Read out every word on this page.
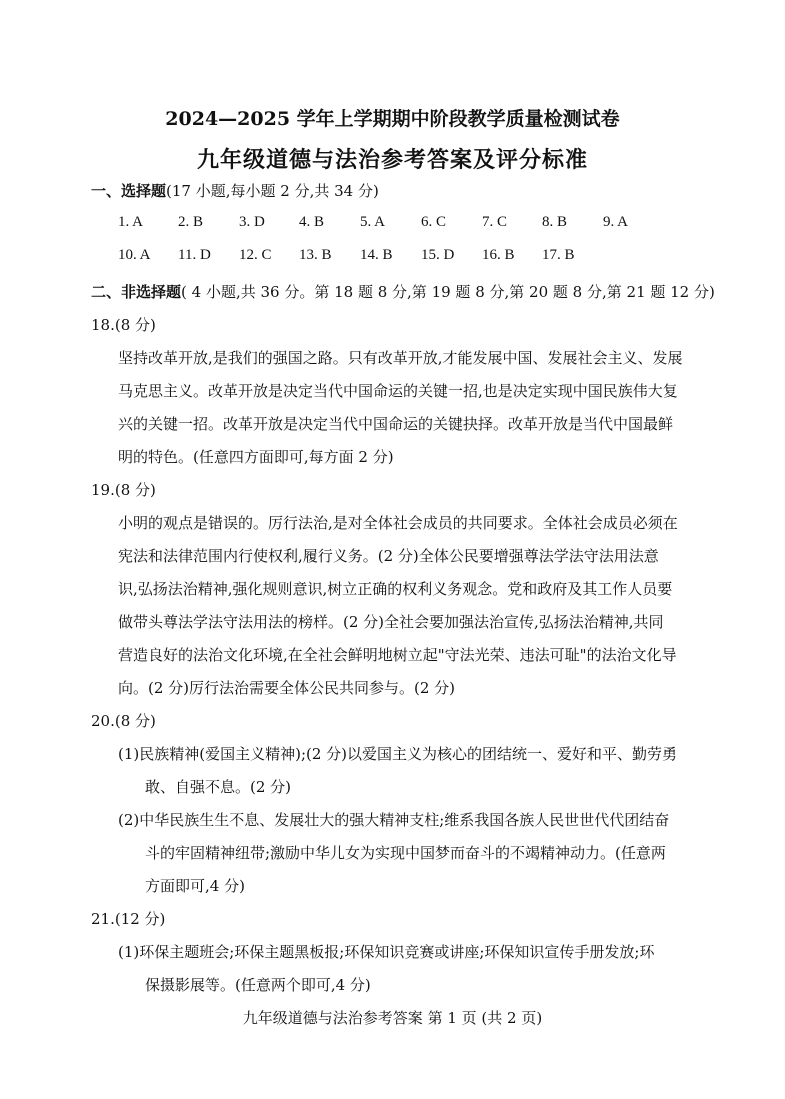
2024—2025 学年上学期期中阶段教学质量检测试卷
九年级道德与法治参考答案及评分标准
一、选择题(17 小题,每小题 2 分,共 34 分)
1. A 2. B 3. D 4. B 5. A 6. C 7. C 8. B 9. A
10. A 11. D 12. C 13. B 14. B 15. D 16. B 17. B
二、非选择题( 4 小题,共 36 分。第 18 题 8 分,第 19 题 8 分,第 20 题 8 分,第 21 题 12 分)
18.(8 分)
坚持改革开放,是我们的强国之路。只有改革开放,才能发展中国、发展社会主义、发展
马克思主义。改革开放是决定当代中国命运的关键一招,也是决定实现中国民族伟大复
兴的关键一招。改革开放是决定当代中国命运的关键抉择。改革开放是当代中国最鲜
明的特色。(任意四方面即可,每方面 2 分)
19.(8 分)
小明的观点是错误的。厉行法治,是对全体社会成员的共同要求。全体社会成员必须在
宪法和法律范围内行使权利,履行义务。(2 分)全体公民要增强尊法学法守法用法意
识,弘扬法治精神,强化规则意识,树立正确的权利义务观念。党和政府及其工作人员要
做带头尊法学法守法用法的榜样。(2 分)全社会要加强法治宣传,弘扬法治精神,共同
营造良好的法治文化环境,在全社会鲜明地树立起"守法光荣、违法可耻"的法治文化导
向。(2 分)厉行法治需要全体公民共同参与。(2 分)
20.(8 分)
(1)民族精神(爱国主义精神);(2 分)以爱国主义为核心的团结统一、爱好和平、勤劳勇
敢、自强不息。(2 分)
(2)中华民族生生不息、发展壮大的强大精神支柱;维系我国各族人民世世代代团结奋
斗的牢固精神纽带;激励中华儿女为实现中国梦而奋斗的不竭精神动力。(任意两
方面即可,4 分)
21.(12 分)
(1)环保主题班会;环保主题黑板报;环保知识竞赛或讲座;环保知识宣传手册发放;环
保摄影展等。(任意两个即可,4 分)
九年级道德与法治参考答案 第 1 页 (共 2 页)
